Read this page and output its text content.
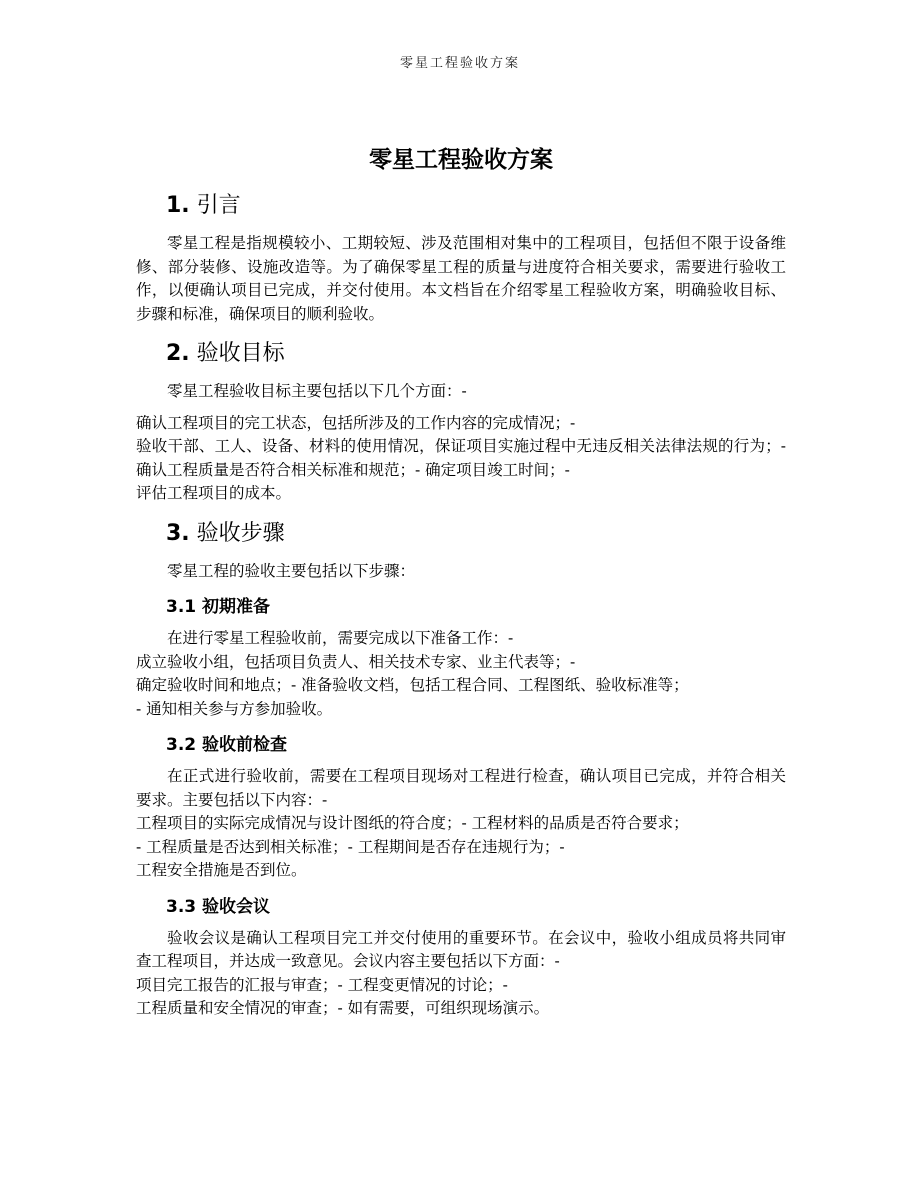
零星工程验收方案
零星工程验收方案
1. 引言

零星工程是指规模较小、工期较短、涉及范围相对集中的工程项目，包括但不限于设备维修、部分装修、设施改造等。为了确保零星工程的质量与进度符合相关要求，需要进行验收工作，以便确认项目已完成，并交付使用。本文档旨在介绍零星工程验收方案，明确验收目标、步骤和标准，确保项目的顺利验收。

2. 验收目标

零星工程验收目标主要包括以下几个方面：-

确认工程项目的完工状态，包括所涉及的工作内容的完成情况；-

验收干部、工人、设备、材料的使用情况，保证项目实施过程中无违反相关法律法规的行为；- 确认工程质量是否符合相关标准和规范；- 确定项目竣工时间；-

评估工程项目的成本。

3. 验收步骤

零星工程的验收主要包括以下步骤：

3.1 初期准备

在进行零星工程验收前，需要完成以下准备工作：-

成立验收小组，包括项目负责人、相关技术专家、业主代表等；-

确定验收时间和地点；- 准备验收文档，包括工程合同、工程图纸、验收标准等；

- 通知相关参与方参加验收。

3.2 验收前检查

在正式进行验收前，需要在工程项目现场对工程进行检查，确认项目已完成，并符合相关要求。主要包括以下内容：-

工程项目的实际完成情况与设计图纸的符合度；- 工程材料的品质是否符合要求；

- 工程质量是否达到相关标准；- 工程期间是否存在违规行为；-

工程安全措施是否到位。

3.3 验收会议

验收会议是确认工程项目完工并交付使用的重要环节。在会议中，验收小组成员将共同审查工程项目，并达成一致意见。会议内容主要包括以下方面：-

项目完工报告的汇报与审查；- 工程变更情况的讨论；-

工程质量和安全情况的审查；- 如有需要，可组织现场演示。
